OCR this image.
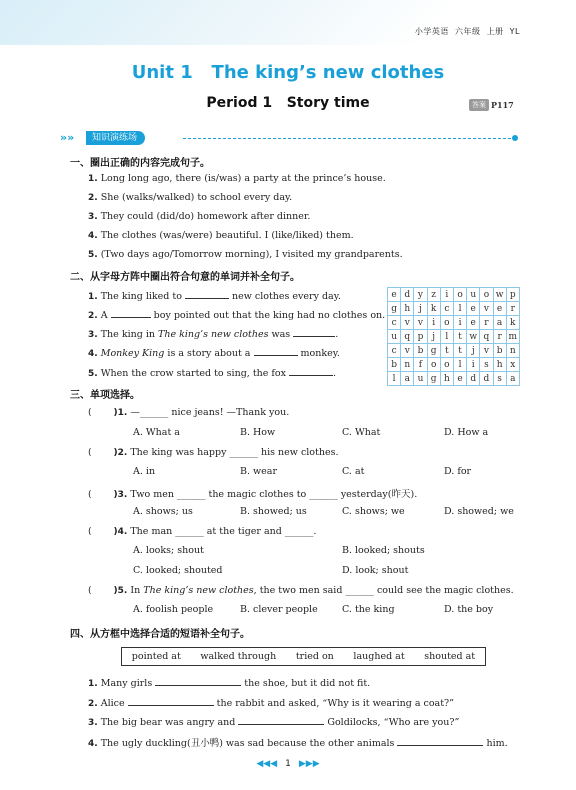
小学英语 六年级 上册 YL
Unit 1   The king’s new clothes
Period 1   Story time	答案 P117
»»	知识演练场
一、圈出正确的内容完成句子。
1. Long long ago, there (is/was) a party at the prince’s house.
2. She (walks/walked) to school every day.
3. They could (did/do) homework after dinner.
4. The clothes (was/were) beautiful. I (like/liked) them.
5. (Two days ago/Tomorrow morning), I visited my grandparents.
二、从字母方阵中圈出符合句意的单词并补全句子。
1. The king liked to	new clothes every day.
2. A	boy pointed out that the king had no clothes on.
3. The king in The king’s new clothes was	.
4. Monkey King is a story about a	monkey.
5. When the crow started to sing, the fox	.
e	d	y	z	i	o	u	o	w	p
g	h	j	k	c	l	e	v	e	r
c	v	v	i	o	i	e	r	a	k
u	q	p	j	l	t	w	q	r	m
c	v	b	g	t	t	j	v	b	n
b	n	f	o	o	l	i	s	h	x
l	a	u	g	h	e	d	d	s	a
三、单项选择。
( )1. —______ nice jeans! —Thank you.
A. What a	B. How	C. What	D. How a
( )2. The king was happy ______ his new clothes.
A. in	B. wear	C. at	D. for
( )3. Two men ______ the magic clothes to ______ yesterday(昨天).
A. shows; us	B. showed; us	C. shows; we	D. showed; we
( )4. The man ______ at the tiger and ______.
A. looks; shout	B. looked; shouts
C. looked; shouted	D. look; shout
( )5. In The king’s new clothes, the two men said ______ could see the magic clothes.
A. foolish people	B. clever people	C. the king	D. the boy
四、从方框中选择合适的短语补全句子。
pointed at walked through tried on laughed at shouted at
1. Many girls	the shoe, but it did not fit.
2. Alice	the rabbit and asked, “Why is it wearing a coat?”
3. The big bear was angry and	Goldilocks, “Who are you?”
4. The ugly duckling(丑小鸭) was sad because the other animals	him.
◀◀◀ 1 ▶▶▶
